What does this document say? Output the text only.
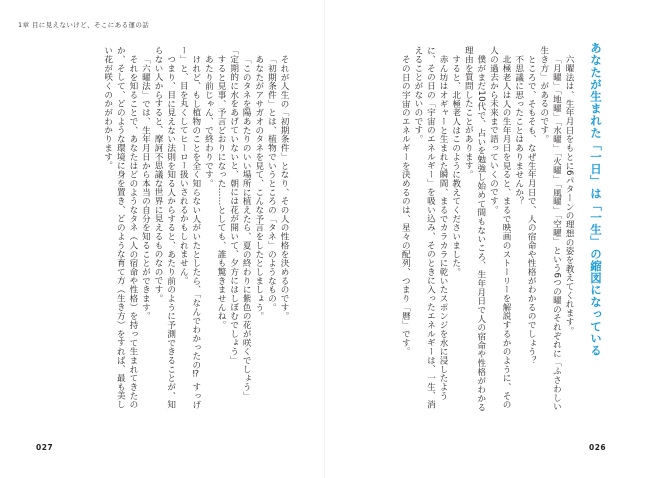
1章 目に見えないけど、そこにある運の話

それが人生の「初期条件」となり、その人の性格を決めるのです。

「初期条件」とは、植物でいうところの「タネ」のようなもの。

あなたがアサガオのタネを見て、こんな予言をしたとしましょう。

「このタネを陽あたりのいい場所に植えたら、夏の終わりに紫色の花が咲くでしょう」「定期的に水をあげていないと、朝には花が開いて、夕方にはしぼむでしょう」

すると見事、予言どおりになった……としても、誰も驚きませんね。

あたり前じゃん、で終わりです。

けれど、もし植物のことを全く知らない人がいたとしたら、「なんでわかったの⁉ すっげー」と、目を丸くしてヒーロー扱いされるかもしれません。

つまり、目に見えない法則を知る人からすると、あたり前のように予測できることが、知らない人からすると、摩訶不思議な世界に見えるものなのです。

「六曜法」では、生年月日から本当の自分を知ることができます。

それを知ることで、あなたはどのようなタネ（人の宿命や性格）を持って生まれてきたのか、そして、どのような環境に身を置き、どのような育て方（生き方）をすれば、最も美しい花が咲くのかがわかります。

027
あなたが生まれた「一日」は「一生」の縮図になっている

六曜法は、生年月日をもとに6パターンの理想の姿を教えてくれます。

「月曜」「地曜」「水曜」「火曜」「風曜」「空曜」という6つの曜のそれぞれに「ふさわしい生き方」があるのです。

ところで、そもそも、なぜ生年月日で、人の宿命や性格がわかるのでしょう？

不思議に思ったことはありませんか？

北極老人は人の生年月日を見ると、まるで映画のストーリーを解説するかのように、その人の過去から未来まで語っていくのです。

僕がまだ10代で、占いを勉強し始めて間もないころ、生年月日で人の宿命や性格がわかる理由を質問したことがあります。

すると、北極老人はこのように教えてくださいました。

赤ん坊はオギャーと生まれた瞬間、まるでカラカラに乾いたスポンジを水に浸したように、その日の「宇宙のエネルギー」を吸い込み、そのときに入ったエネルギーは、一生、消えることがないのです。

その日の宇宙のエネルギーを決めるのは、星々の配列、つまり「暦」です。

026
